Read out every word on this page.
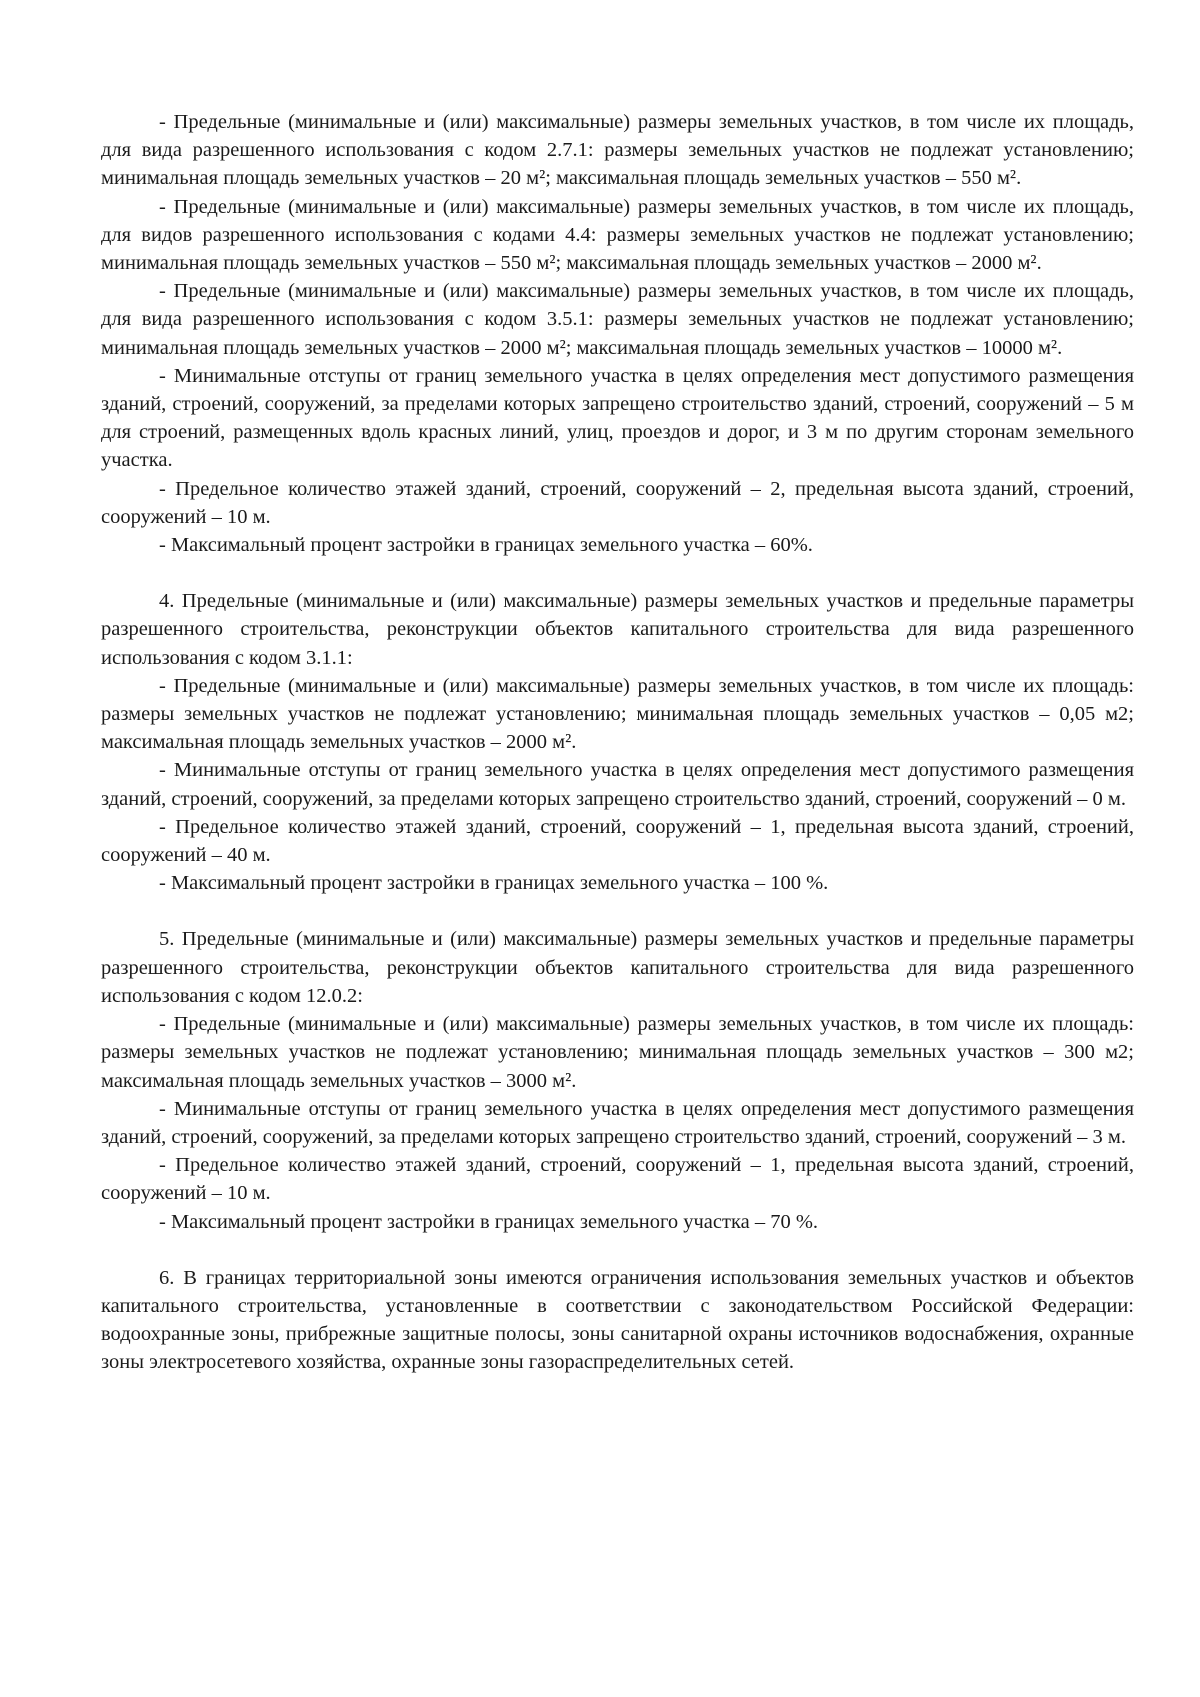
- Предельные (минимальные и (или) максимальные) размеры земельных участков, в том числе их площадь, для вида разрешенного использования с кодом 2.7.1: размеры земельных участков не подлежат установлению; минимальная площадь земельных участков – 20 м²; максимальная площадь земельных участков – 550 м².

- Предельные (минимальные и (или) максимальные) размеры земельных участков, в том числе их площадь, для видов разрешенного использования с кодами 4.4: размеры земельных участков не подлежат установлению; минимальная площадь земельных участков – 550 м²; максимальная площадь земельных участков – 2000 м².

- Предельные (минимальные и (или) максимальные) размеры земельных участков, в том числе их площадь, для вида разрешенного использования с кодом 3.5.1: размеры земельных участков не подлежат установлению; минимальная площадь земельных участков – 2000 м²; максимальная площадь земельных участков – 10000 м².

- Минимальные отступы от границ земельного участка в целях определения мест допустимого размещения зданий, строений, сооружений, за пределами которых запрещено строительство зданий, строений, сооружений – 5 м для строений, размещенных вдоль красных линий, улиц, проездов и дорог, и 3 м по другим сторонам земельного участка.

- Предельное количество этажей зданий, строений, сооружений – 2, предельная высота зданий, строений, сооружений – 10 м.

- Максимальный процент застройки в границах земельного участка – 60%.

4. Предельные (минимальные и (или) максимальные) размеры земельных участков и предельные параметры разрешенного строительства, реконструкции объектов капитального строительства для вида разрешенного использования с кодом 3.1.1:

- Предельные (минимальные и (или) максимальные) размеры земельных участков, в том числе их площадь: размеры земельных участков не подлежат установлению; минимальная площадь земельных участков – 0,05 м2; максимальная площадь земельных участков – 2000 м².

- Минимальные отступы от границ земельного участка в целях определения мест допустимого размещения зданий, строений, сооружений, за пределами которых запрещено строительство зданий, строений, сооружений – 0 м.

- Предельное количество этажей зданий, строений, сооружений – 1, предельная высота зданий, строений, сооружений – 40 м.

- Максимальный процент застройки в границах земельного участка – 100 %.

5. Предельные (минимальные и (или) максимальные) размеры земельных участков и предельные параметры разрешенного строительства, реконструкции объектов капитального строительства для вида разрешенного использования с кодом 12.0.2:

- Предельные (минимальные и (или) максимальные) размеры земельных участков, в том числе их площадь: размеры земельных участков не подлежат установлению; минимальная площадь земельных участков – 300 м2; максимальная площадь земельных участков – 3000 м².

- Минимальные отступы от границ земельного участка в целях определения мест допустимого размещения зданий, строений, сооружений, за пределами которых запрещено строительство зданий, строений, сооружений – 3 м.

- Предельное количество этажей зданий, строений, сооружений – 1, предельная высота зданий, строений, сооружений – 10 м.

- Максимальный процент застройки в границах земельного участка – 70 %.

6. В границах территориальной зоны имеются ограничения использования земельных участков и объектов капитального строительства, установленные в соответствии с законодательством Российской Федерации: водоохранные зоны, прибрежные защитные полосы, зоны санитарной охраны источников водоснабжения, охранные зоны электросетевого хозяйства, охранные зоны газораспределительных сетей.
